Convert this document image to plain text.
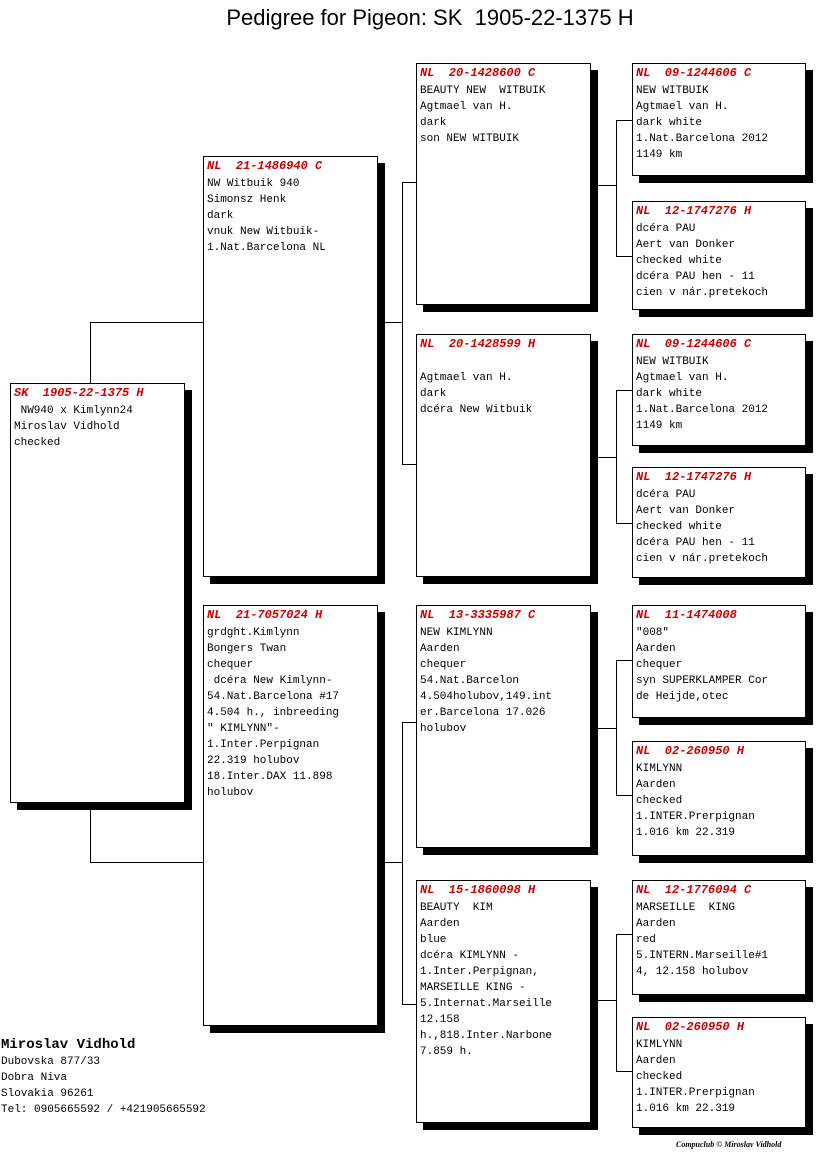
Pedigree for Pigeon: SK  1905-22-1375 H
SK  1905-22-1375 H
NW940 x Kimlynn24
Miroslav Vidhold
checked
NL  21-1486940 C
NW Witbuik 940
Simonsz Henk
dark
vnuk New Witbuik-
1.Nat.Barcelona NL
NL  21-7057024 H
grdght.Kimlynn
Bongers Twan
chequer
dcéra New Kimlynn-
54.Nat.Barcelona #17
4.504 h., inbreeding
" KIMLYNN"-
1.Inter.Perpignan
22.319 holubov
18.Inter.DAX 11.898
holubov
NL  20-1428600 C
BEAUTY NEW  WITBUIK
Agtmael van H.
dark
son NEW WITBUIK
NL  20-1428599 H

Agtmael van H.
dark
dcéra New Witbuik
NL  13-3335987 C
NEW KIMLYNN
Aarden
chequer
54.Nat.Barcelon
4.504holubov,149.int
er.Barcelona 17.026
holubov
NL  15-1860098 H
BEAUTY  KIM
Aarden
blue
dcéra KIMLYNN -
1.Inter.Perpignan,
MARSEILLE KING -
5.Internat.Marseille
12.158
h.,818.Inter.Narbone
7.859 h.
NL  09-1244606 C
NEW WITBUIK
Agtmael van H.
dark white
1.Nat.Barcelona 2012
1149 km
NL  12-1747276 H
dcéra PAU
Aert van Donker
checked white
dcéra PAU hen - 11
cien v nár.pretekoch
NL  09-1244606 C
NEW WITBUIK
Agtmael van H.
dark white
1.Nat.Barcelona 2012
1149 km
NL  12-1747276 H
dcéra PAU
Aert van Donker
checked white
dcéra PAU hen - 11
cien v nár.pretekoch
NL  11-1474008
"008"
Aarden
chequer
syn SUPERKLAMPER Cor
de Heijde,otec
NL  02-260950 H
KIMLYNN
Aarden
checked
1.INTER.Prerpignan
1.016 km 22.319
NL  12-1776094 C
MARSEILLE  KING
Aarden
red
5.INTERN.Marseille#1
4, 12.158 holubov
NL  02-260950 H
KIMLYNN
Aarden
checked
1.INTER.Prerpignan
1.016 km 22.319
Miroslav Vidhold
Dubovska 877/33
Dobra Niva
Slovakia 96261
Tel: 0905665592 / +421905665592
Compuclub © Miroslav Vidhold
